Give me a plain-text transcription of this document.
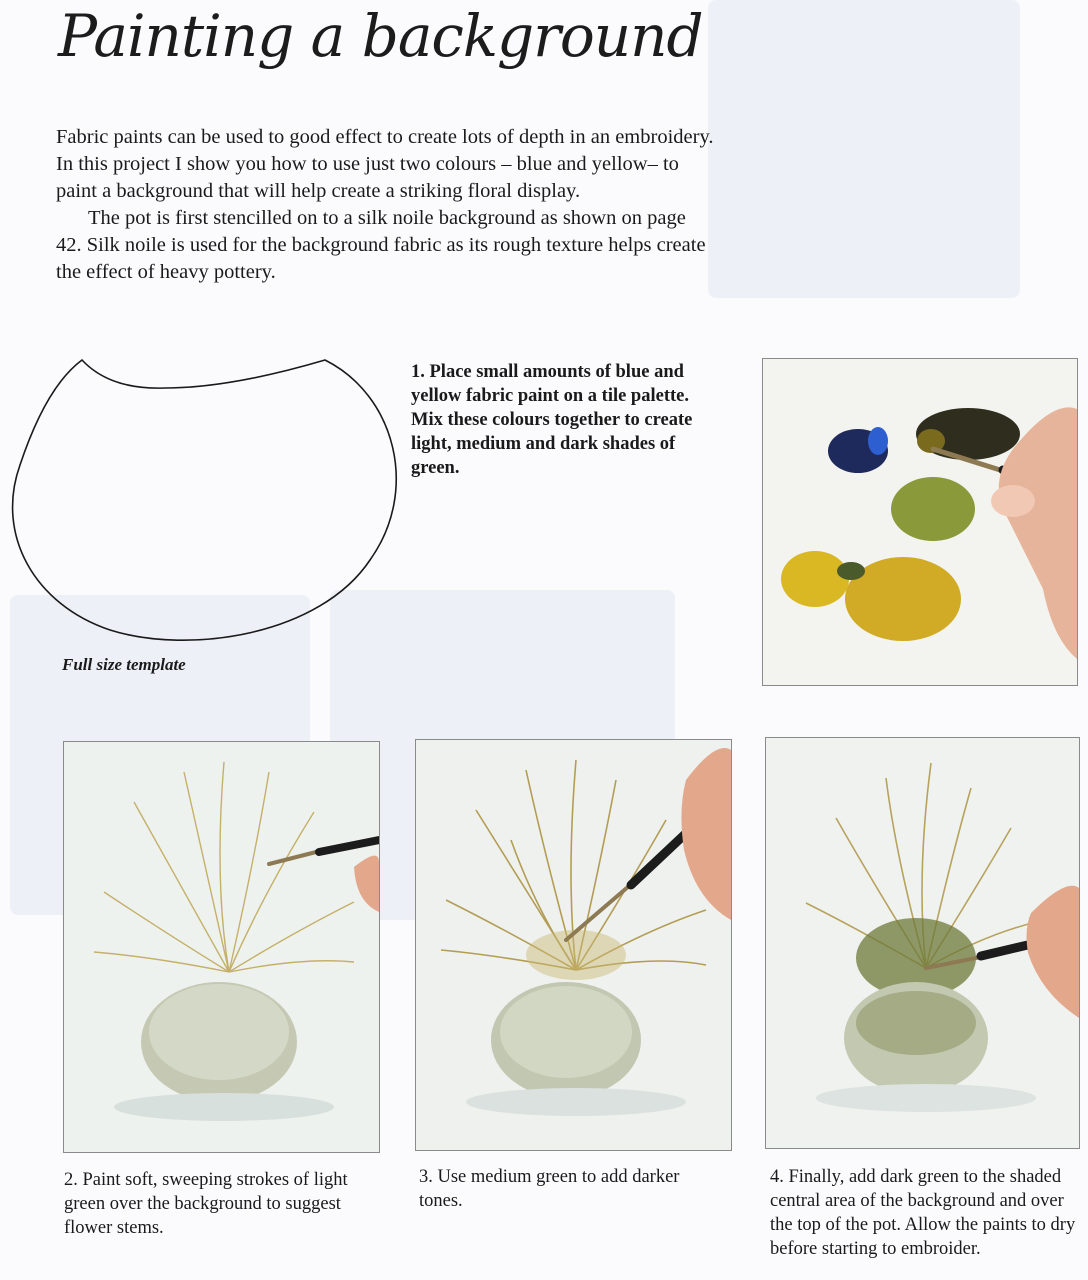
Painting a background

Fabric paints can be used to good effect to create lots of depth in an embroidery. In this project I show you how to use just two colours – blue and yellow– to paint a background that will help create a striking floral display.

The pot is first stencilled on to a silk noile background as shown on page 42. Silk noile is used for the background fabric as its rough texture helps create the effect of heavy pottery.

Full size template

1. Place small amounts of blue and yellow fabric paint on a tile palette. Mix these colours together to create light, medium and dark shades of green.

2. Paint soft, sweeping strokes of light green over the background to suggest flower stems.

3. Use medium green to add darker tones.

4. Finally, add dark green to the shaded central area of the background and over the top of the pot. Allow the paints to dry before starting to embroider.
